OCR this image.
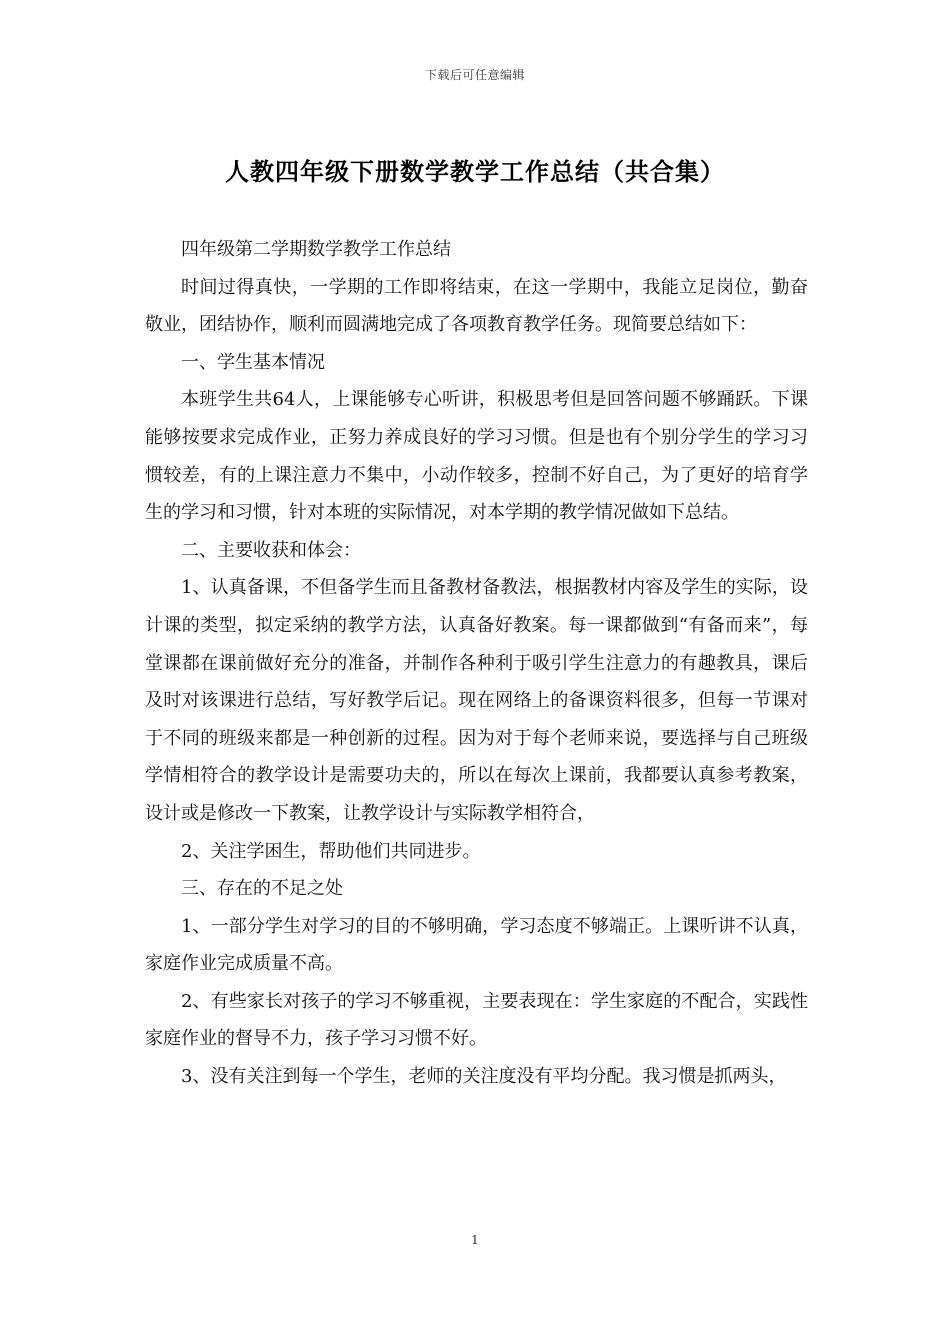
下载后可任意编辑
人教四年级下册数学教学工作总结（共合集）

四年级第二学期数学教学工作总结

时间过得真快，一学期的工作即将结束，在这一学期中，我能立足岗位，勤奋敬业，团结协作，顺利而圆满地完成了各项教育教学任务。现简要总结如下：

一、学生基本情况

本班学生共64人，上课能够专心听讲，积极思考但是回答问题不够踊跃。下课能够按要求完成作业，正努力养成良好的学习习惯。但是也有个别分学生的学习习惯较差，有的上课注意力不集中，小动作较多，控制不好自己，为了更好的培育学生的学习和习惯，针对本班的实际情况，对本学期的教学情况做如下总结。

二、主要收获和体会：

1、认真备课，不但备学生而且备教材备教法，根据教材内容及学生的实际，设计课的类型，拟定采纳的教学方法，认真备好教案。每一课都做到“有备而来”，每堂课都在课前做好充分的准备，并制作各种利于吸引学生注意力的有趣教具，课后及时对该课进行总结，写好教学后记。现在网络上的备课资料很多，但每一节课对于不同的班级来都是一种创新的过程。因为对于每个老师来说，要选择与自己班级学情相符合的教学设计是需要功夫的，所以在每次上课前，我都要认真参考教案，设计或是修改一下教案，让教学设计与实际教学相符合，

2、关注学困生，帮助他们共同进步。

三、存在的不足之处

1、一部分学生对学习的目的不够明确，学习态度不够端正。上课听讲不认真，家庭作业完成质量不高。

2、有些家长对孩子的学习不够重视，主要表现在：学生家庭的不配合，实践性家庭作业的督导不力，孩子学习习惯不好。

3、没有关注到每一个学生，老师的关注度没有平均分配。我习惯是抓两头，

1
